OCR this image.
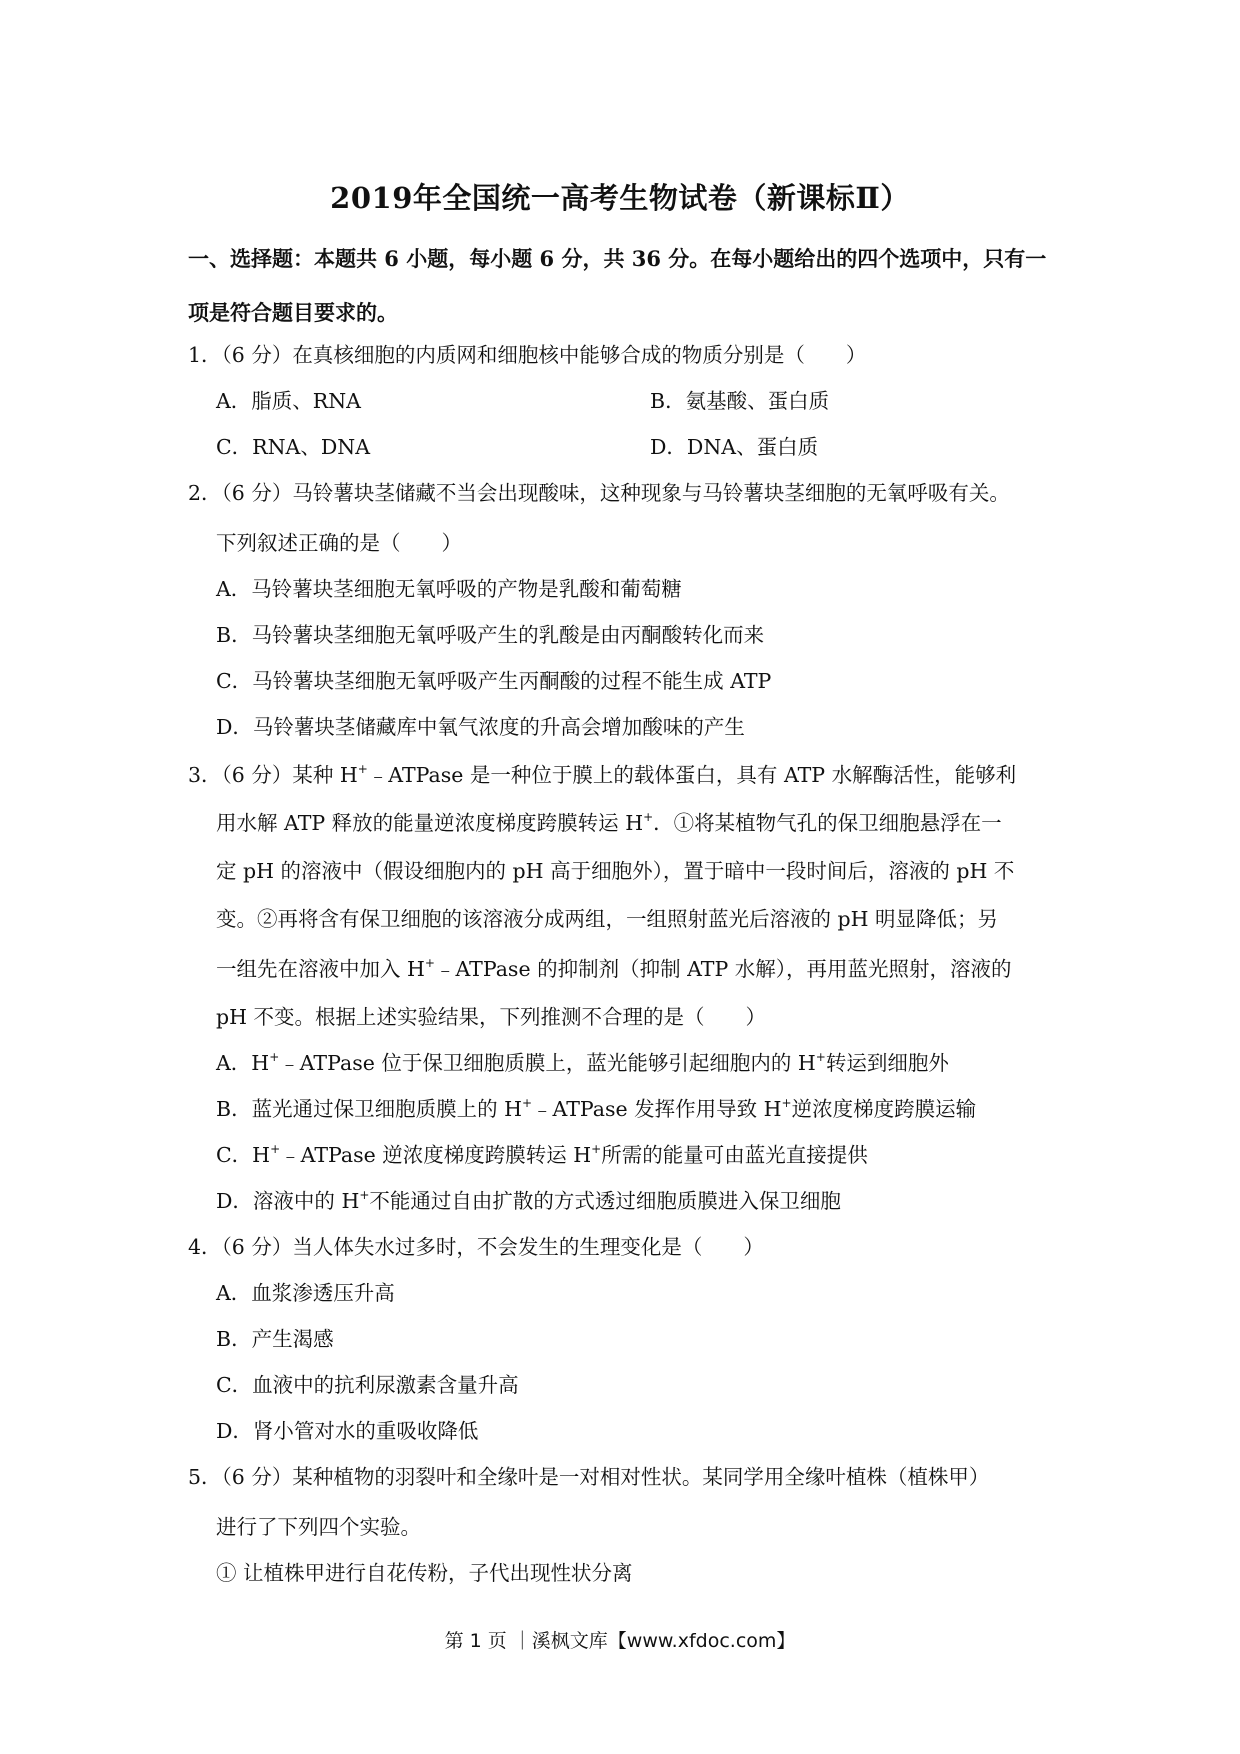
2019年全国统一高考生物试卷（新课标Ⅱ）
一、选择题：本题共 6 小题，每小题 6 分，共 36 分。在每小题给出的四个选项中，只有一
项是符合题目要求的。
1．（6 分）在真核细胞的内质网和细胞核中能够合成的物质分别是（　　）
A．脂质、RNA	B．氨基酸、蛋白质
C．RNA、DNA	D．DNA、蛋白质
2．（6 分）马铃薯块茎储藏不当会出现酸味，这种现象与马铃薯块茎细胞的无氧呼吸有关。
下列叙述正确的是（　　）
A．马铃薯块茎细胞无氧呼吸的产物是乳酸和葡萄糖
B．马铃薯块茎细胞无氧呼吸产生的乳酸是由丙酮酸转化而来
C．马铃薯块茎细胞无氧呼吸产生丙酮酸的过程不能生成 ATP
D．马铃薯块茎储藏库中氧气浓度的升高会增加酸味的产生
3．（6 分）某种 H+﹣ATPase 是一种位于膜上的载体蛋白，具有 ATP 水解酶活性，能够利
用水解 ATP 释放的能量逆浓度梯度跨膜转运 H+．①将某植物气孔的保卫细胞悬浮在一
定 pH 的溶液中（假设细胞内的 pH 高于细胞外），置于暗中一段时间后，溶液的 pH 不
变。②再将含有保卫细胞的该溶液分成两组，一组照射蓝光后溶液的 pH 明显降低；另
一组先在溶液中加入 H+﹣ATPase 的抑制剂（抑制 ATP 水解），再用蓝光照射，溶液的
pH 不变。根据上述实验结果，下列推测不合理的是（　　）
A．H+﹣ATPase 位于保卫细胞质膜上，蓝光能够引起细胞内的 H+转运到细胞外
B．蓝光通过保卫细胞质膜上的 H+﹣ATPase 发挥作用导致 H+逆浓度梯度跨膜运输
C．H+﹣ATPase 逆浓度梯度跨膜转运 H+所需的能量可由蓝光直接提供
D．溶液中的 H+不能通过自由扩散的方式透过细胞质膜进入保卫细胞
4．（6 分）当人体失水过多时，不会发生的生理变化是（　　）
A．血浆渗透压升高
B．产生渴感
C．血液中的抗利尿激素含量升高
D．肾小管对水的重吸收降低
5．（6 分）某种植物的羽裂叶和全缘叶是一对相对性状。某同学用全缘叶植株（植株甲）
进行了下列四个实验。
① 让植株甲进行自花传粉，子代出现性状分离
第 1 页 ｜溪枫文库【www.xfdoc.com】
